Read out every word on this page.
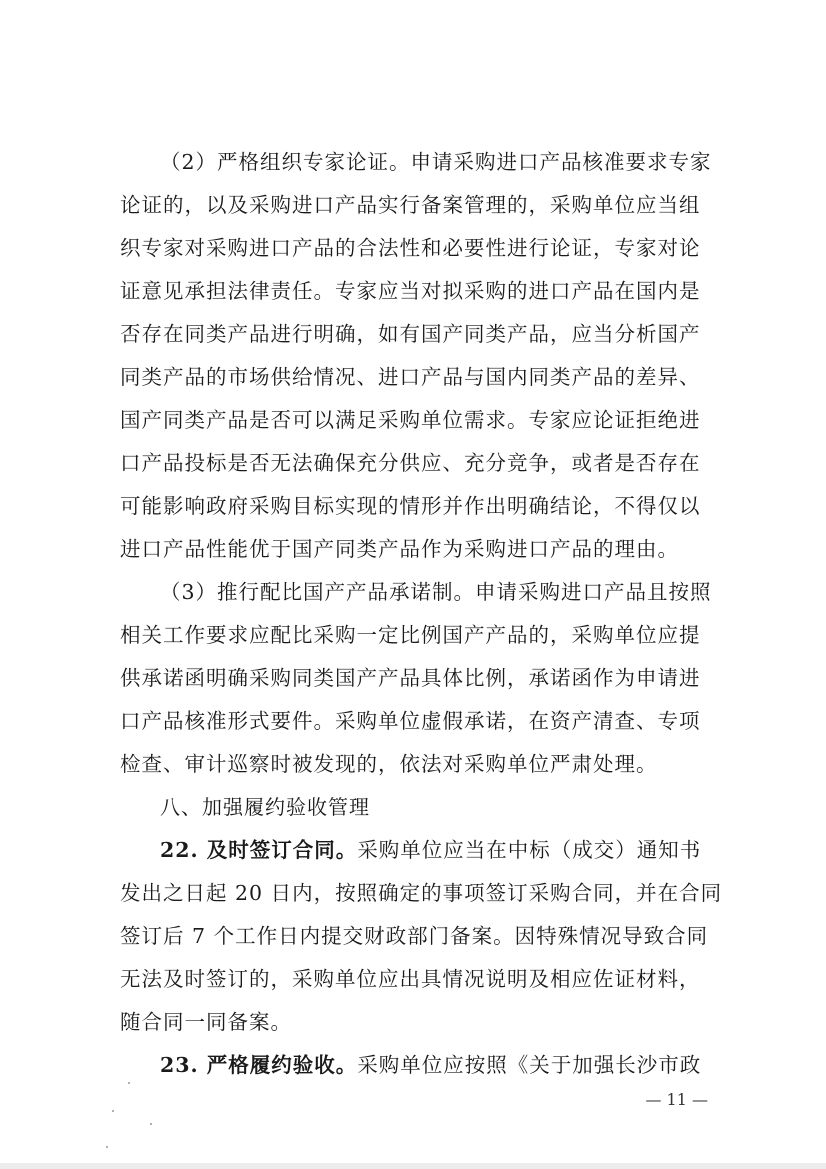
（2）严格组织专家论证。申请采购进口产品核准要求专家
论证的，以及采购进口产品实行备案管理的，采购单位应当组
织专家对采购进口产品的合法性和必要性进行论证，专家对论
证意见承担法律责任。专家应当对拟采购的进口产品在国内是
否存在同类产品进行明确，如有国产同类产品，应当分析国产
同类产品的市场供给情况、进口产品与国内同类产品的差异、
国产同类产品是否可以满足采购单位需求。专家应论证拒绝进
口产品投标是否无法确保充分供应、充分竞争，或者是否存在
可能影响政府采购目标实现的情形并作出明确结论，不得仅以
进口产品性能优于国产同类产品作为采购进口产品的理由。
（3）推行配比国产产品承诺制。申请采购进口产品且按照
相关工作要求应配比采购一定比例国产产品的，采购单位应提
供承诺函明确采购同类国产产品具体比例，承诺函作为申请进
口产品核准形式要件。采购单位虚假承诺，在资产清查、专项
检查、审计巡察时被发现的，依法对采购单位严肃处理。
八、加强履约验收管理
22. 及时签订合同。采购单位应当在中标（成交）通知书
发出之日起 20 日内，按照确定的事项签订采购合同，并在合同
签订后 7 个工作日内提交财政部门备案。因特殊情况导致合同
无法及时签订的，采购单位应出具情况说明及相应佐证材料，
随合同一同备案。
23. 严格履约验收。采购单位应按照《关于加强长沙市政
— 11 —
